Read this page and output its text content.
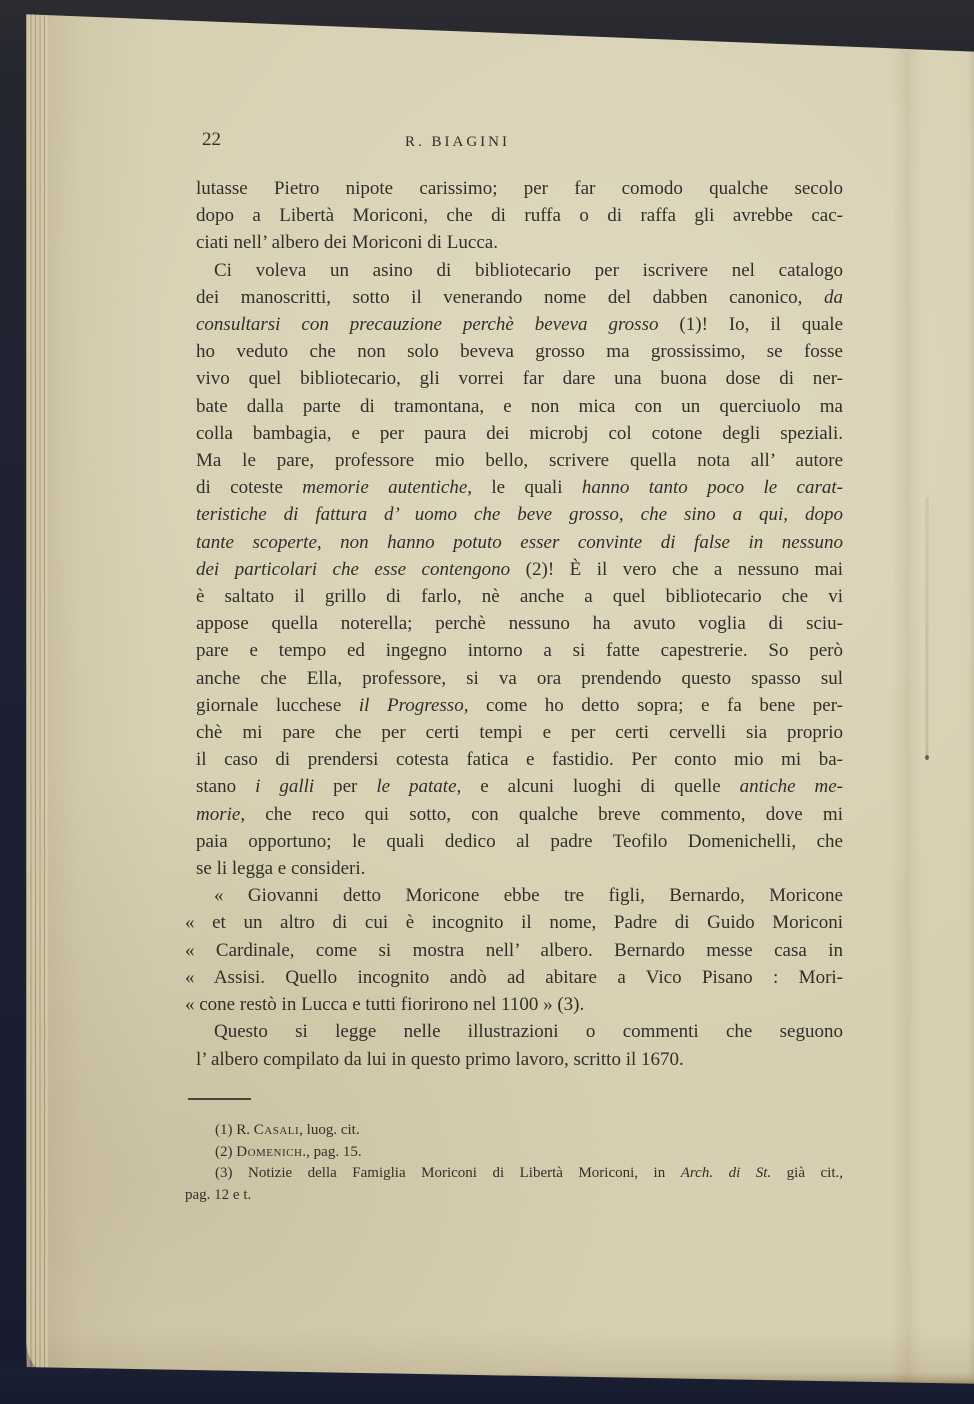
22	R. BIAGINI
lutasse Pietro nipote carissimo; per far comodo qualche secolo
dopo a Libertà Moriconi, che di ruffa o di raffa gli avrebbe cac-
ciati nell’ albero dei Moriconi di Lucca.
Ci voleva un asino di bibliotecario per iscrivere nel catalogo
dei manoscritti, sotto il venerando nome del dabben canonico, da
consultarsi con precauzione perchè beveva grosso (1)! Io, il quale
ho veduto che non solo beveva grosso ma grossissimo, se fosse
vivo quel bibliotecario, gli vorrei far dare una buona dose di ner-
bate dalla parte di tramontana, e non mica con un querciuolo ma
colla bambagia, e per paura dei microbj col cotone degli speziali.
Ma le pare, professore mio bello, scrivere quella nota all’ autore
di coteste memorie autentiche, le quali hanno tanto poco le carat-
teristiche di fattura d’ uomo che beve grosso, che sino a qui, dopo
tante scoperte, non hanno potuto esser convinte di false in nessuno
dei particolari che esse contengono (2)! È il vero che a nessuno mai
è saltato il grillo di farlo, nè anche a quel bibliotecario che vi
appose quella noterella; perchè nessuno ha avuto voglia di sciu-
pare e tempo ed ingegno intorno a si fatte capestrerie. So però
anche che Ella, professore, si va ora prendendo questo spasso sul
giornale lucchese il Progresso, come ho detto sopra; e fa bene per-
chè mi pare che per certi tempi e per certi cervelli sia proprio
il caso di prendersi cotesta fatica e fastidio. Per conto mio mi ba-
stano i galli per le patate, e alcuni luoghi di quelle antiche me-
morie, che reco qui sotto, con qualche breve commento, dove mi
paia opportuno; le quali dedico al padre Teofilo Domenichelli, che
se li legga e consideri.
« Giovanni detto Moricone ebbe tre figli, Bernardo, Moricone
« et un altro di cui è incognito il nome, Padre di Guido Moriconi
« Cardinale, come si mostra nell’ albero. Bernardo messe casa in
« Assisi. Quello incognito andò ad abitare a Vico Pisano : Mori-
« cone restò in Lucca e tutti fiorirono nel 1100 » (3).
Questo si legge nelle illustrazioni o commenti che seguono
l’ albero compilato da lui in questo primo lavoro, scritto il 1670.
(1) R. Casali, luog. cit.
(2) Domenich., pag. 15.
(3) Notizie della Famiglia Moriconi di Libertà Moriconi, in Arch. di St. già cit.,
pag. 12 e t.
